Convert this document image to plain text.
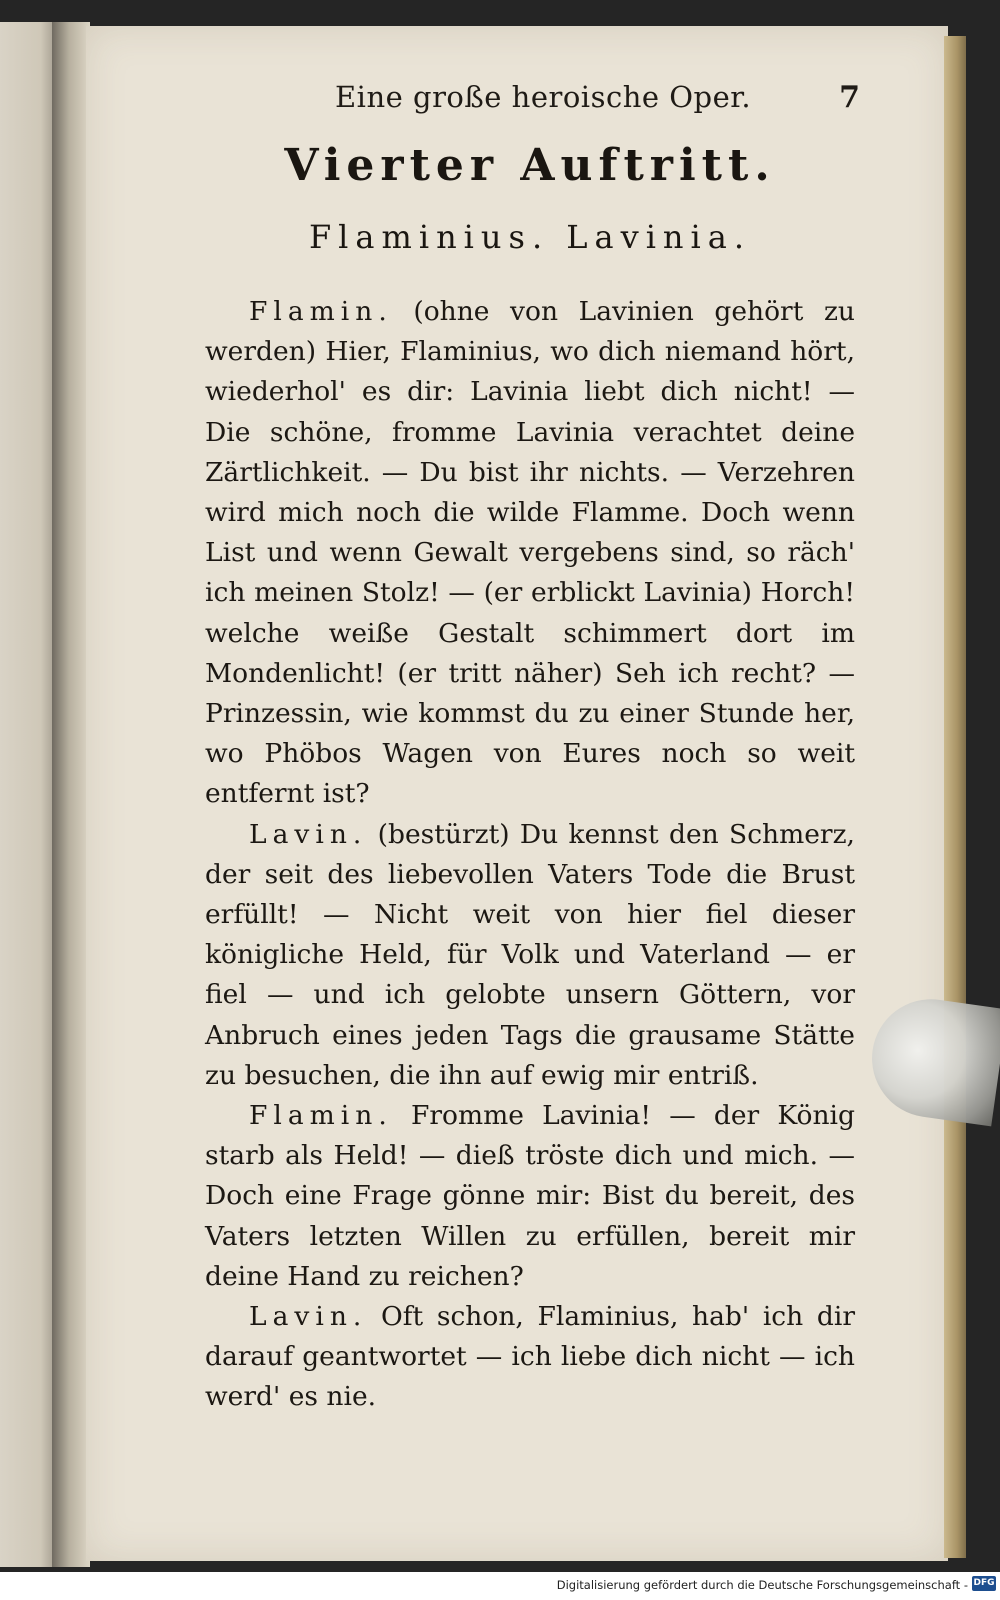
Eine große heroische Oper.	7
Vierter Auftritt.
Flaminius. Lavinia.

Flamin. (ohne von Lavinien gehört zu werden) Hier, Flaminius, wo dich niemand hört, wiederhol' es dir: Lavinia liebt dich nicht! — Die schöne, fromme Lavinia verachtet deine Zärtlichkeit. — Du bist ihr nichts. — Verzehren wird mich noch die wilde Flamme. Doch wenn List und wenn Gewalt vergebens sind, so räch' ich meinen Stolz! — (er erblickt Lavinia) Horch! welche weiße Gestalt schimmert dort im Mondenlicht! (er tritt näher) Seh ich recht? — Prinzessin, wie kommst du zu einer Stunde her, wo Phöbos Wagen von Eures noch so weit entfernt ist?

Lavin. (bestürzt) Du kennst den Schmerz, der seit des liebevollen Vaters Tode die Brust erfüllt! — Nicht weit von hier fiel dieser königliche Held, für Volk und Vaterland — er fiel — und ich gelobte unsern Göttern, vor Anbruch eines jeden Tags die grausame Stätte zu besuchen, die ihn auf ewig mir entriß.

Flamin. Fromme Lavinia! — der König starb als Held! — dieß tröste dich und mich. — Doch eine Frage gönne mir: Bist du bereit, des Vaters letzten Willen zu erfüllen, bereit mir deine Hand zu reichen?

Lavin. Oft schon, Flaminius, hab' ich dir darauf geantwortet — ich liebe dich nicht — ich werd' es nie.

Digitalisierung gefördert durch die Deutsche Forschungsgemeinschaft - DFG
